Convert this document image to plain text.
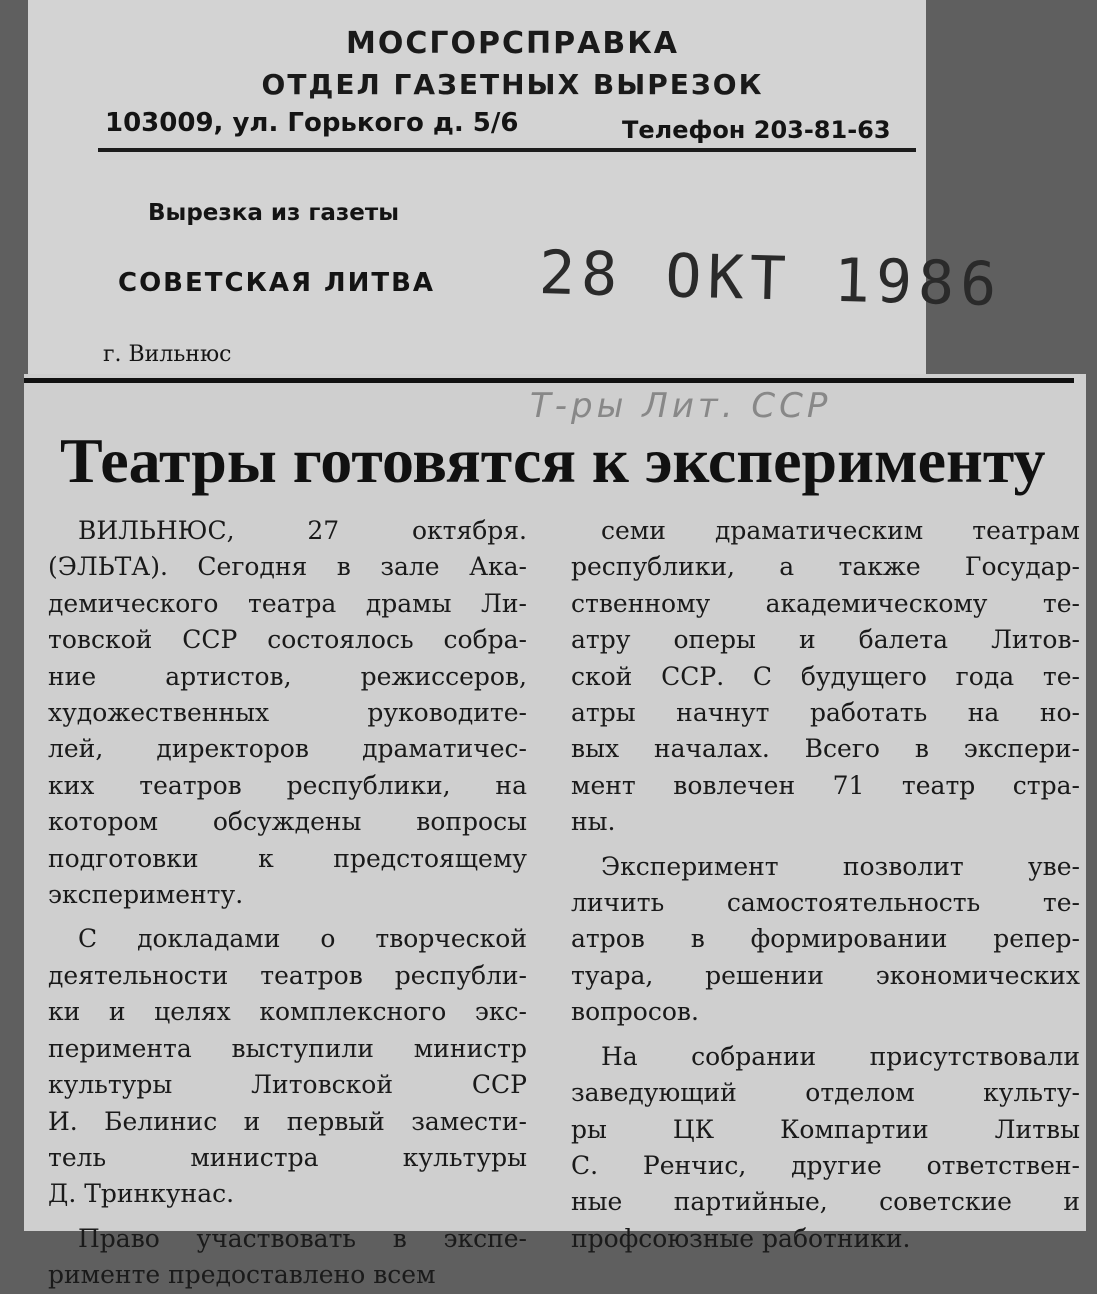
МОСГОРСПРАВКА
ОТДЕЛ ГАЗЕТНЫХ ВЫРЕЗОК
103009, ул. Горького д. 5/6	Телефон 203-81-63
Вырезка из газеты
СОВЕТСКАЯ ЛИТВА 28 ОКТ 1986
г. Вильнюс
Т-ры Лит. ССР
Театры готовятся к эксперименту

ВИЛЬНЮС, 27 октября.
(ЭЛЬТА). Сегодня в зале Ака-
демического театра драмы Ли-
товской ССР состоялось собра-
ние артистов, режиссеров,
художественных руководите-
лей, директоров драматичес-
ких театров республики, на
котором обсуждены вопросы
подготовки к предстоящему
эксперименту.

С докладами о творческой
деятельности театров республи-
ки и целях комплексного экс-
перимента выступили министр
культуры Литовской ССР
И. Белинис и первый замести-
тель министра культуры
Д. Тринкунас.

Право участвовать в экспе-
рименте предоставлено всем

семи драматическим театрам
республики, а также Государ-
ственному академическому те-
атру оперы и балета Литов-
ской ССР. С будущего года те-
атры начнут работать на но-
вых началах. Всего в экспери-
мент вовлечен 71 театр стра-
ны.

Эксперимент позволит уве-
личить самостоятельность те-
атров в формировании репер-
туара, решении экономических
вопросов.

На собрании присутствовали
заведующий отделом культу-
ры ЦК Компартии Литвы
С. Ренчис, другие ответствен-
ные партийные, советские и
профсоюзные работники.
